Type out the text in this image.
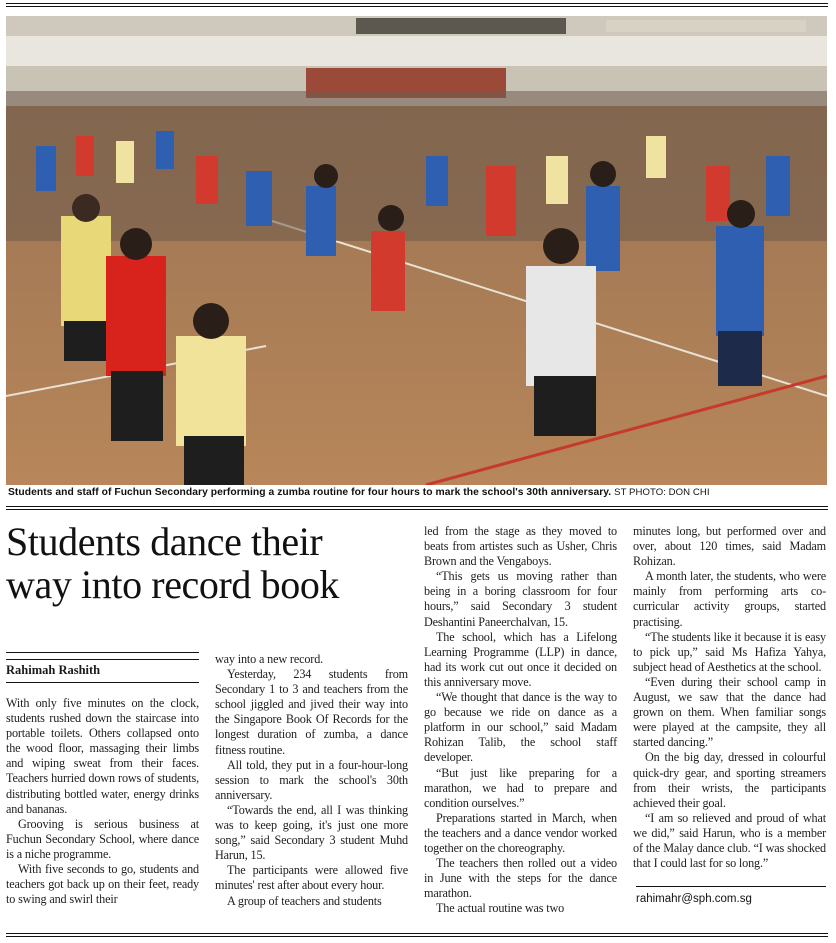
Students and staff of Fuchun Secondary performing a zumba routine for four hours to mark the school's 30th anniversary. ST PHOTO: DON CHI
Students dance their way into record book
Rahimah Rashith

With only five minutes on the clock, students rushed down the staircase into portable toilets. Others collapsed onto the wood floor, massaging their limbs and wiping sweat from their faces. Teachers hurried down rows of students, distributing bottled water, energy drinks and bananas.

Grooving is serious business at Fuchun Secondary School, where dance is a niche programme.

With five seconds to go, students and teachers got back up on their feet, ready to swing and swirl their

way into a new record.

Yesterday, 234 students from Secondary 1 to 3 and teachers from the school jiggled and jived their way into the Singapore Book Of Records for the longest duration of zumba, a dance fitness routine.

All told, they put in a four-hour-long session to mark the school's 30th anniversary.

“Towards the end, all I was thinking was to keep going, it's just one more song,” said Secondary 3 student Muhd Harun, 15.

The participants were allowed five minutes' rest after about every hour.

A group of teachers and students

led from the stage as they moved to beats from artistes such as Usher, Chris Brown and the Vengaboys.

“This gets us moving rather than being in a boring classroom for four hours,” said Secondary 3 student Deshantini Paneerchalvan, 15.

The school, which has a Lifelong Learning Programme (LLP) in dance, had its work cut out once it decided on this anniversary move.

“We thought that dance is the way to go because we ride on dance as a platform in our school,” said Madam Rohizan Talib, the school staff developer.

“But just like preparing for a marathon, we had to prepare and condition ourselves.”

Preparations started in March, when the teachers and a dance vendor worked together on the choreography.

The teachers then rolled out a video in June with the steps for the dance marathon.

The actual routine was two

minutes long, but performed over and over, about 120 times, said Madam Rohizan.

A month later, the students, who were mainly from performing arts co-curricular activity groups, started practising.

“The students like it because it is easy to pick up,” said Ms Hafiza Yahya, subject head of Aesthetics at the school.

“Even during their school camp in August, we saw that the dance had grown on them. When familiar songs were played at the campsite, they all started dancing.”

On the big day, dressed in colourful quick-dry gear, and sporting streamers from their wrists, the participants achieved their goal.

“I am so relieved and proud of what we did,” said Harun, who is a member of the Malay dance club. “I was shocked that I could last for so long.”

rahimahr@sph.com.sg
